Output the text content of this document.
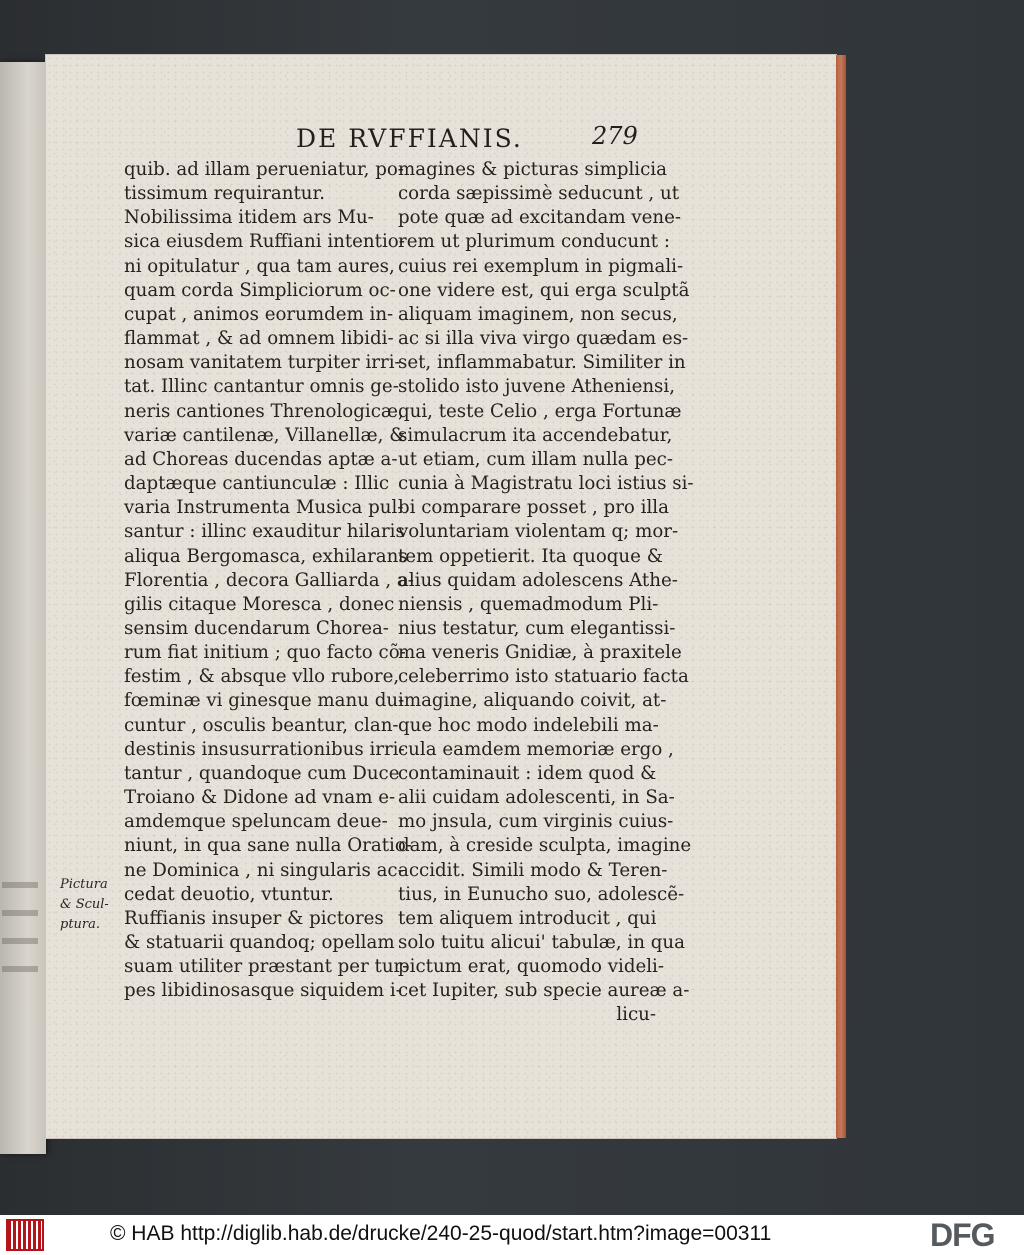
DE RVFFIANIS.	279
quib. ad illam perueniatur, po-
tissimum requirantur.
Nobilissima itidem ars Mu-
sica eiusdem Ruffiani intentio-
ni opitulatur , qua tam aures,
quam corda Simpliciorum oc-
cupat , animos eorumdem in-
flammat , & ad omnem libidi-
nosam vanitatem turpiter irri-
tat. Illinc cantantur omnis ge-
neris cantiones Threnologicæ,
variæ cantilenæ, Villanellæ, &
ad Choreas ducendas aptæ a-
daptæque cantiunculæ : Illic
varia Instrumenta Musica pul-
santur : illinc exauditur hilaris
aliqua Bergomasca, exhilarans
Florentia , decora Galliarda , a-
gilis citaque Moresca , donec
sensim ducendarum Chorea-
rum fiat initium ; quo facto cõ-
festim , & absque vllo rubore,
fœminæ vi ginesque manu du-
cuntur , osculis beantur, clan-
destinis insusurrationibus irri-
tantur , quandoque cum Duce
Troiano & Didone ad vnam e-
amdemque speluncam deue-
niunt, in qua sane nulla Oratio-
ne Dominica , ni singularis ac-
cedat deuotio, vtuntur.
Ruffianis insuper & pictores
& statuarii quandoq; opellam
suam utiliter præstant per tur-
pes libidinosasque siquidem i-
magines & picturas simplicia
corda sæpissimè seducunt , ut
pote quæ ad excitandam vene-
rem ut plurimum conducunt :
cuius rei exemplum in pigmali-
one videre est, qui erga sculptã
aliquam imaginem, non secus,
ac si illa viva virgo quædam es-
set, inflammabatur. Similiter in
stolido isto juvene Atheniensi,
qui, teste Celio , erga Fortunæ
simulacrum ita accendebatur,
ut etiam, cum illam nulla pec-
cunia à Magistratu loci istius si-
bi comparare posset , pro illa
voluntariam violentam q; mor-
tem oppetierit. Ita quoque &
alius quidam adolescens Athe-
niensis , quemadmodum Pli-
nius testatur, cum elegantissi-
ma veneris Gnidiæ, à praxitele
celeberrimo isto statuario facta
imagine, aliquando coivit, at-
que hoc modo indelebili ma-
cula eamdem memoriæ ergo ,
contaminauit : idem quod &
alii cuidam adolescenti, in Sa-
mo jnsula, cum virginis cuius-
dam, à creside sculpta, imagine
accidit. Simili modo & Teren-
tius, in Eunucho suo, adolescẽ-
tem aliquem introducit , qui
solo tuitu alicui' tabulæ, in qua
pictum erat, quomodo videli-
cet Iupiter, sub specie aureæ a-
licu-
Pictura
& Scul-
ptura.
© HAB http://diglib.hab.de/drucke/240-25-quod/start.htm?image=00311	DFG
